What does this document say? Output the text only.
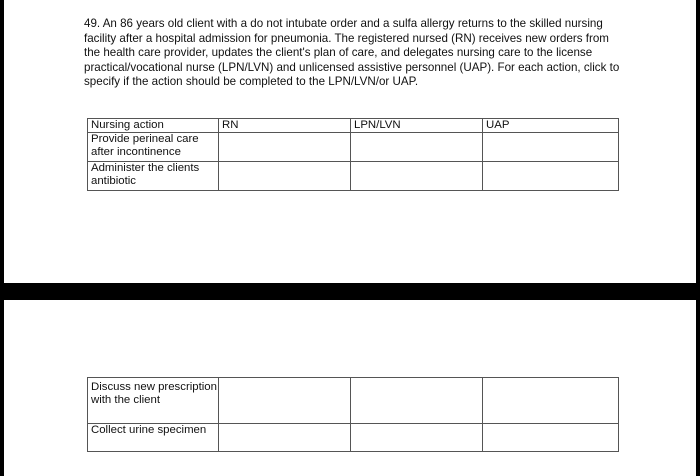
49. An 86 years old client with a do not intubate order and a sulfa allergy returns to the skilled nursing facility after a hospital admission for pneumonia. The registered nursed (RN) receives new orders from the health care provider, updates the client's plan of care, and delegates nursing care to the license practical/vocational nurse (LPN/LVN) and unlicensed assistive personnel (UAP). For each action, click to specify if the action should be completed to the LPN/LVN/or UAP.

Nursing action	RN	LPN/LVN	UAP
Provide perineal care after incontinence			
Administer the clients antibiotic			
Discuss new prescription with the client			
Collect urine specimen			
